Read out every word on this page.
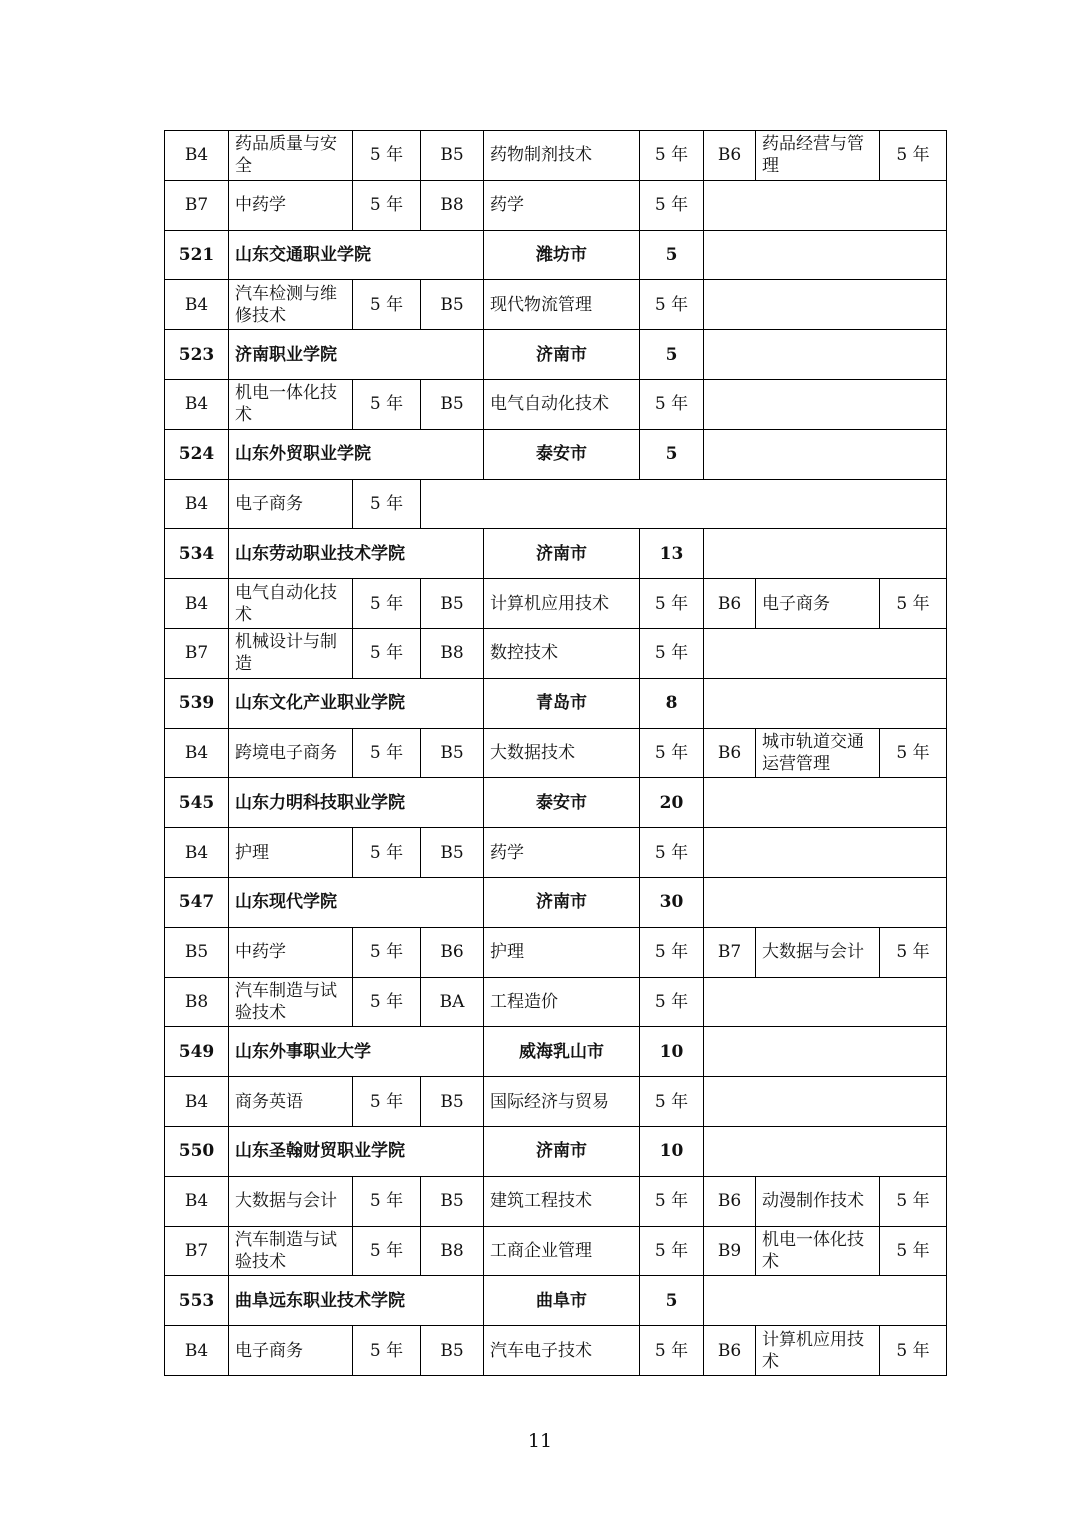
B4	药品质量与安全	5 年	B5	药物制剂技术	5 年	B6	药品经营与管理	5 年
B7	中药学	5 年	B8	药学	5 年			
521	山东交通职业学院			潍坊市	5			
B4	汽车检测与维修技术	5 年	B5	现代物流管理	5 年			
523	济南职业学院			济南市	5			
B4	机电一体化技术	5 年	B5	电气自动化技术	5 年			
524	山东外贸职业学院			泰安市	5			
B4	电子商务	5 年						
534	山东劳动职业技术学院			济南市	13			
B4	电气自动化技术	5 年	B5	计算机应用技术	5 年	B6	电子商务	5 年
B7	机械设计与制造	5 年	B8	数控技术	5 年			
539	山东文化产业职业学院			青岛市	8			
B4	跨境电子商务	5 年	B5	大数据技术	5 年	B6	城市轨道交通运营管理	5 年
545	山东力明科技职业学院			泰安市	20			
B4	护理	5 年	B5	药学	5 年			
547	山东现代学院			济南市	30			
B5	中药学	5 年	B6	护理	5 年	B7	大数据与会计	5 年
B8	汽车制造与试验技术	5 年	BA	工程造价	5 年			
549	山东外事职业大学			威海乳山市	10			
B4	商务英语	5 年	B5	国际经济与贸易	5 年			
550	山东圣翰财贸职业学院			济南市	10			
B4	大数据与会计	5 年	B5	建筑工程技术	5 年	B6	动漫制作技术	5 年
B7	汽车制造与试验技术	5 年	B8	工商企业管理	5 年	B9	机电一体化技术	5 年
553	曲阜远东职业技术学院			曲阜市	5			
B4	电子商务	5 年	B5	汽车电子技术	5 年	B6	计算机应用技术	5 年
11
